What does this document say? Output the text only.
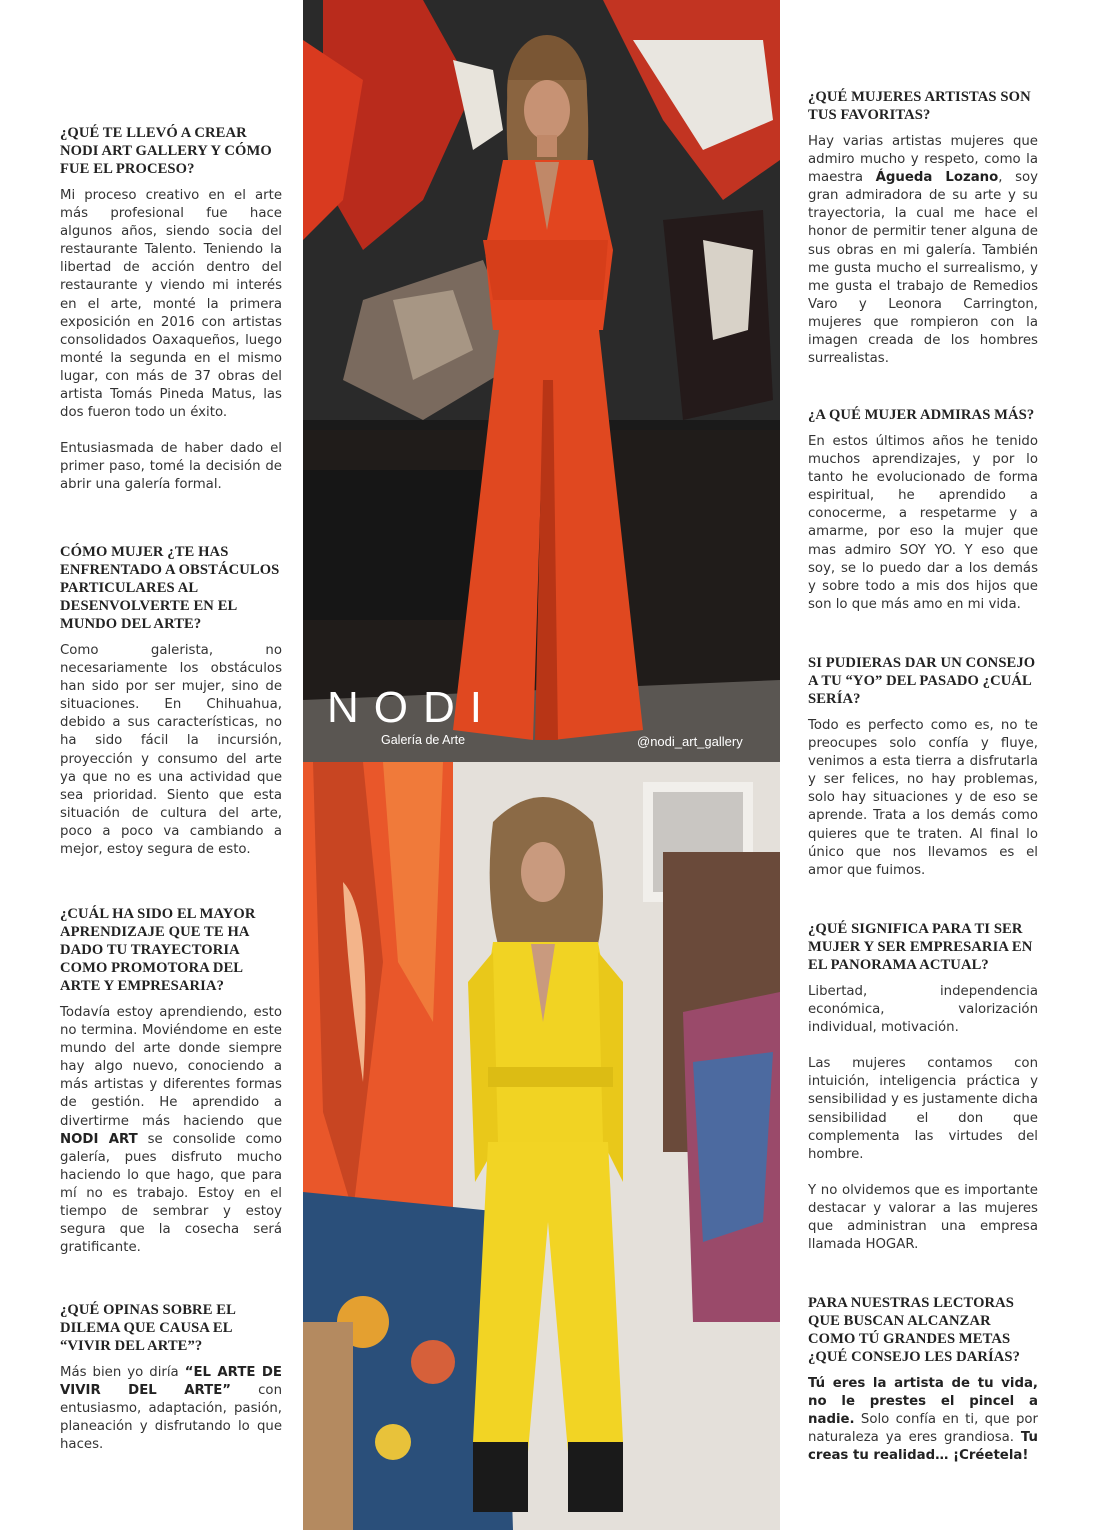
¿QUÉ TE LLEVÓ A CREAR NODI ART GALLERY Y CÓMO FUE EL PROCESO?

Mi proceso creativo en el arte más profesional fue hace algunos años, siendo socia del restaurante Talento. Teniendo la libertad de acción dentro del restaurante y viendo mi interés en el arte, monté la primera exposición en 2016 con artistas consolidados Oaxaqueños, luego monté la segunda en el mismo lugar, con más de 37 obras del artista Tomás Pineda Matus, las dos fueron todo un éxito.

Entusiasmada de haber dado el primer paso, tomé la decisión de abrir una galería formal.

CÓMO MUJER ¿TE HAS ENFRENTADO A OBSTÁCULOS PARTICULARES AL DESENVOLVERTE EN EL MUNDO DEL ARTE?

Como galerista, no necesariamente los obstáculos han sido por ser mujer, sino de situaciones. En Chihuahua, debido a sus características, no ha sido fácil la incursión, proyección y consumo del arte ya que no es una actividad que sea prioridad. Siento que esta situación de cultura del arte, poco a poco va cambiando a mejor, estoy segura de esto.

¿CUÁL HA SIDO EL MAYOR APRENDIZAJE QUE TE HA DADO TU TRAYECTORIA COMO PROMOTORA DEL ARTE Y EMPRESARIA?

Todavía estoy aprendiendo, esto no termina. Moviéndome en este mundo del arte donde siempre hay algo nuevo, conociendo a más artistas y diferentes formas de gestión. He aprendido a divertirme más haciendo que NODI ART se consolide como galería, pues disfruto mucho haciendo lo que hago, que para mí no es trabajo. Estoy en el tiempo de sembrar y estoy segura que la cosecha será gratificante.

¿QUÉ OPINAS SOBRE EL DILEMA QUE CAUSA EL “VIVIR DEL ARTE”?

Más bien yo diría “EL ARTE DE VIVIR DEL ARTE” con entusiasmo, adaptación, pasión, planeación y disfrutando lo que haces.

NODI
Galería de Arte	@nodi_art_gallery
¿QUÉ MUJERES ARTISTAS SON TUS FAVORITAS?

Hay varias artistas mujeres que admiro mucho y respeto, como la maestra Águeda Lozano, soy gran admiradora de su arte y su trayectoria, la cual me hace el honor de permitir tener alguna de sus obras en mi galería. También me gusta mucho el surrealismo, y me gusta el trabajo de Remedios Varo y Leonora Carrington, mujeres que rompieron con la imagen creada de los hombres surrealistas.

¿A QUÉ MUJER ADMIRAS MÁS?

En estos últimos años he tenido muchos aprendizajes, y por lo tanto he evolucionado de forma espiritual, he aprendido a conocerme, a respetarme y a amarme, por eso la mujer que mas admiro SOY YO. Y eso que soy, se lo puedo dar a los demás y sobre todo a mis dos hijos que son lo que más amo en mi vida.

SI PUDIERAS DAR UN CONSEJO A TU “YO” DEL PASADO ¿CUÁL SERÍA?

Todo es perfecto como es, no te preocupes solo confía y fluye, venimos a esta tierra a disfrutarla y ser felices, no hay problemas, solo hay situaciones y de eso se aprende. Trata a los demás como quieres que te traten. Al final lo único que nos llevamos es el amor que fuimos.

¿QUÉ SIGNIFICA PARA TI SER MUJER Y SER EMPRESARIA EN EL PANORAMA ACTUAL?

Libertad, independencia económica, valorización individual, motivación.

Las mujeres contamos con intuición, inteligencia práctica y sensibilidad y es justamente dicha sensibilidad el don que complementa las virtudes del hombre.

Y no olvidemos que es importante destacar y valorar a las mujeres que administran una empresa llamada HOGAR.

PARA NUESTRAS LECTORAS QUE BUSCAN ALCANZAR COMO TÚ GRANDES METAS ¿QUÉ CONSEJO LES DARÍAS?

Tú eres la artista de tu vida, no le prestes el pincel a nadie. Solo confía en ti, que por naturaleza ya eres grandiosa. Tu creas tu realidad… ¡Créetela!
